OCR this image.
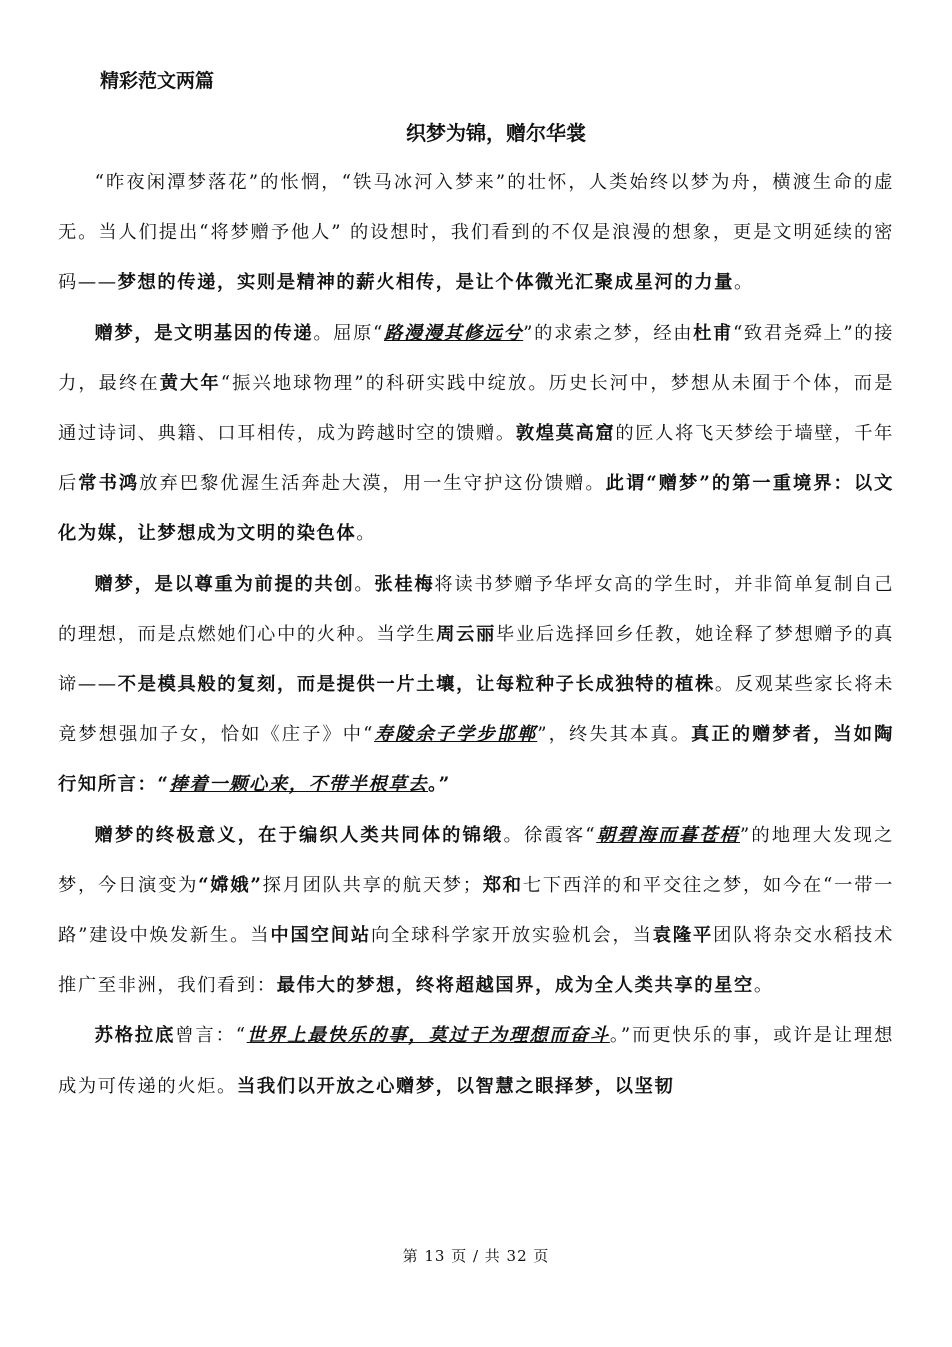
精彩范文两篇

织梦为锦，赠尔华裳

“昨夜闲潭梦落花”的怅惘，“铁马冰河入梦来”的壮怀，人类始终以梦为舟，横渡生命的虚无。当人们提出“将梦赠予他人” 的设想时，我们看到的不仅是浪漫的想象，更是文明延续的密码——梦想的传递，实则是精神的薪火相传，是让个体微光汇聚成星河的力量。

赠梦，是文明基因的传递。屈原“路漫漫其修远兮”的求索之梦，经由杜甫“致君尧舜上”的接力，最终在黄大年“振兴地球物理”的科研实践中绽放。历史长河中，梦想从未囿于个体，而是通过诗词、典籍、口耳相传，成为跨越时空的馈赠。敦煌莫高窟的匠人将飞天梦绘于墙壁，千年后常书鸿放弃巴黎优渥生活奔赴大漠，用一生守护这份馈赠。此谓“赠梦”的第一重境界：以文化为媒，让梦想成为文明的染色体。

赠梦，是以尊重为前提的共创。张桂梅将读书梦赠予华坪女高的学生时，并非简单复制自己的理想，而是点燃她们心中的火种。当学生周云丽毕业后选择回乡任教，她诠释了梦想赠予的真谛——不是模具般的复刻，而是提供一片土壤，让每粒种子长成独特的植株。反观某些家长将未竟梦想强加子女，恰如《庄子》中“寿陵余子学步邯郸”，终失其本真。真正的赠梦者，当如陶行知所言：“捧着一颗心来，不带半根草去。”

赠梦的终极意义，在于编织人类共同体的锦缎。徐霞客“朝碧海而暮苍梧”的地理大发现之梦，今日演变为“嫦娥”探月团队共享的航天梦；郑和七下西洋的和平交往之梦，如今在“一带一路”建设中焕发新生。当中国空间站向全球科学家开放实验机会，当袁隆平团队将杂交水稻技术推广至非洲，我们看到：最伟大的梦想，终将超越国界，成为全人类共享的星空。

苏格拉底曾言：“世界上最快乐的事，莫过于为理想而奋斗。”而更快乐的事，或许是让理想成为可传递的火炬。当我们以开放之心赠梦，以智慧之眼择梦，以坚韧

第 13 页 / 共 32 页
